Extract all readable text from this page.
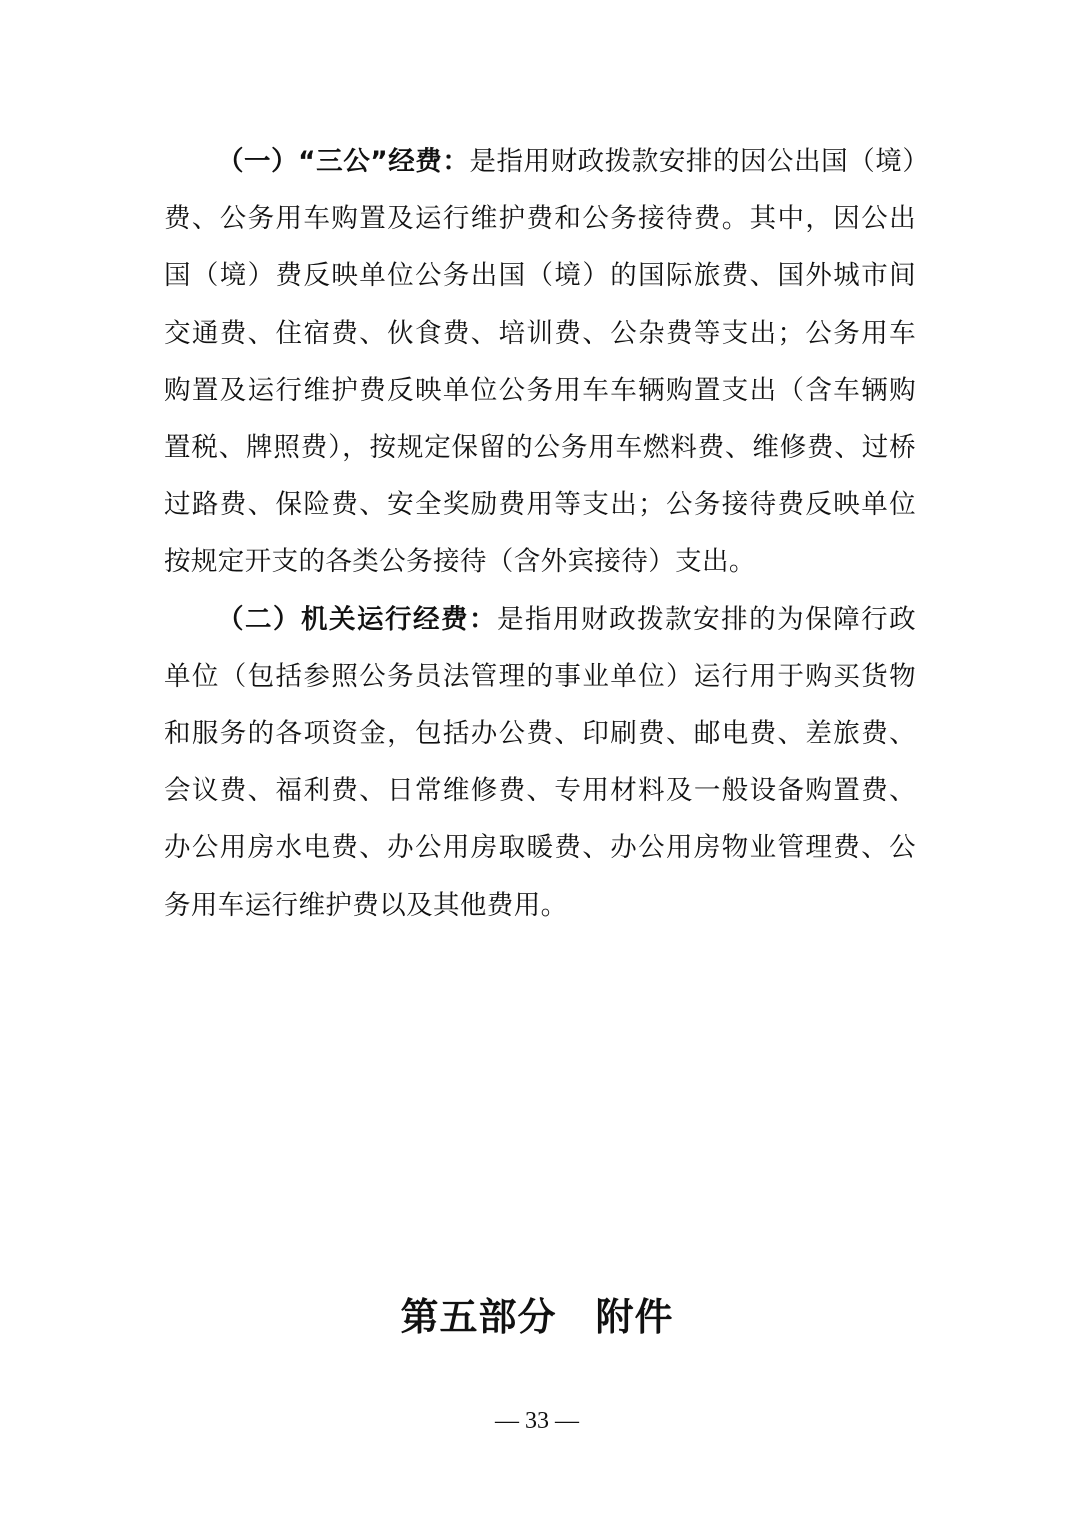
（一）“三公”经费：是指用财政拨款安排的因公出国（境）费、公务用车购置及运行维护费和公务接待费。其中，因公出国（境）费反映单位公务出国（境）的国际旅费、国外城市间交通费、住宿费、伙食费、培训费、公杂费等支出；公务用车购置及运行维护费反映单位公务用车车辆购置支出（含车辆购置税、牌照费），按规定保留的公务用车燃料费、维修费、过桥过路费、保险费、安全奖励费用等支出；公务接待费反映单位按规定开支的各类公务接待（含外宾接待）支出。

（二）机关运行经费：是指用财政拨款安排的为保障行政单位（包括参照公务员法管理的事业单位）运行用于购买货物和服务的各项资金，包括办公费、印刷费、邮电费、差旅费、会议费、福利费、日常维修费、专用材料及一般设备购置费、办公用房水电费、办公用房取暖费、办公用房物业管理费、公务用车运行维护费以及其他费用。

第五部分　附件
— 33 —
